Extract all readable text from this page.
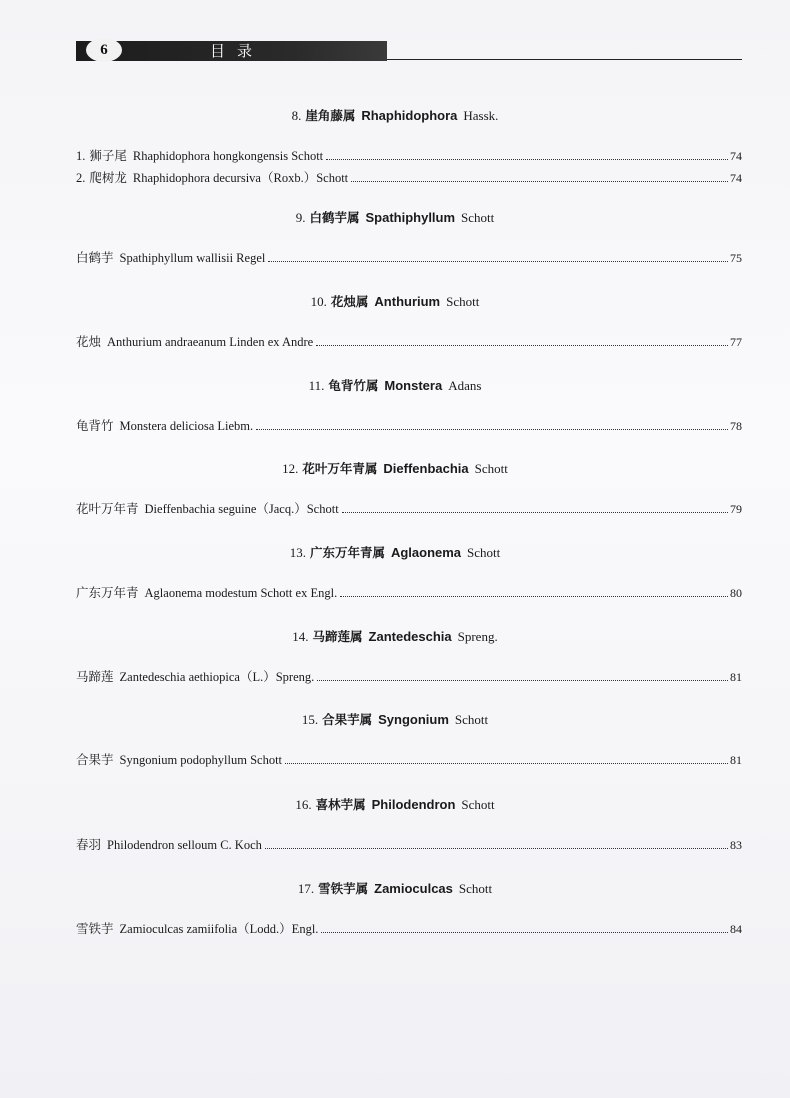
6	目录
8. 崖角藤属 Rhaphidophora Hassk.
1. 狮子尾 Rhaphidophora hongkongensis Schott	74
2. 爬树龙 Rhaphidophora decursiva（Roxb.）Schott	74
9. 白鹤芋属 Spathiphyllum Schott
白鹤芋 Spathiphyllum wallisii Regel	75
10. 花烛属 Anthurium Schott
花烛 Anthurium andraeanum Linden ex Andre	77
11. 龟背竹属 Monstera Adans
龟背竹 Monstera deliciosa Liebm.	78
12. 花叶万年青属 Dieffenbachia Schott
花叶万年青 Dieffenbachia seguine（Jacq.）Schott	79
13. 广东万年青属 Aglaonema Schott
广东万年青 Aglaonema modestum Schott ex Engl.	80
14. 马蹄莲属 Zantedeschia Spreng.
马蹄莲 Zantedeschia aethiopica（L.）Spreng.	81
15. 合果芋属 Syngonium Schott
合果芋 Syngonium podophyllum Schott	81
16. 喜林芋属 Philodendron Schott
春羽 Philodendron selloum C. Koch	83
17. 雪铁芋属 Zamioculcas Schott
雪铁芋 Zamioculcas zamiifolia（Lodd.）Engl.	84
